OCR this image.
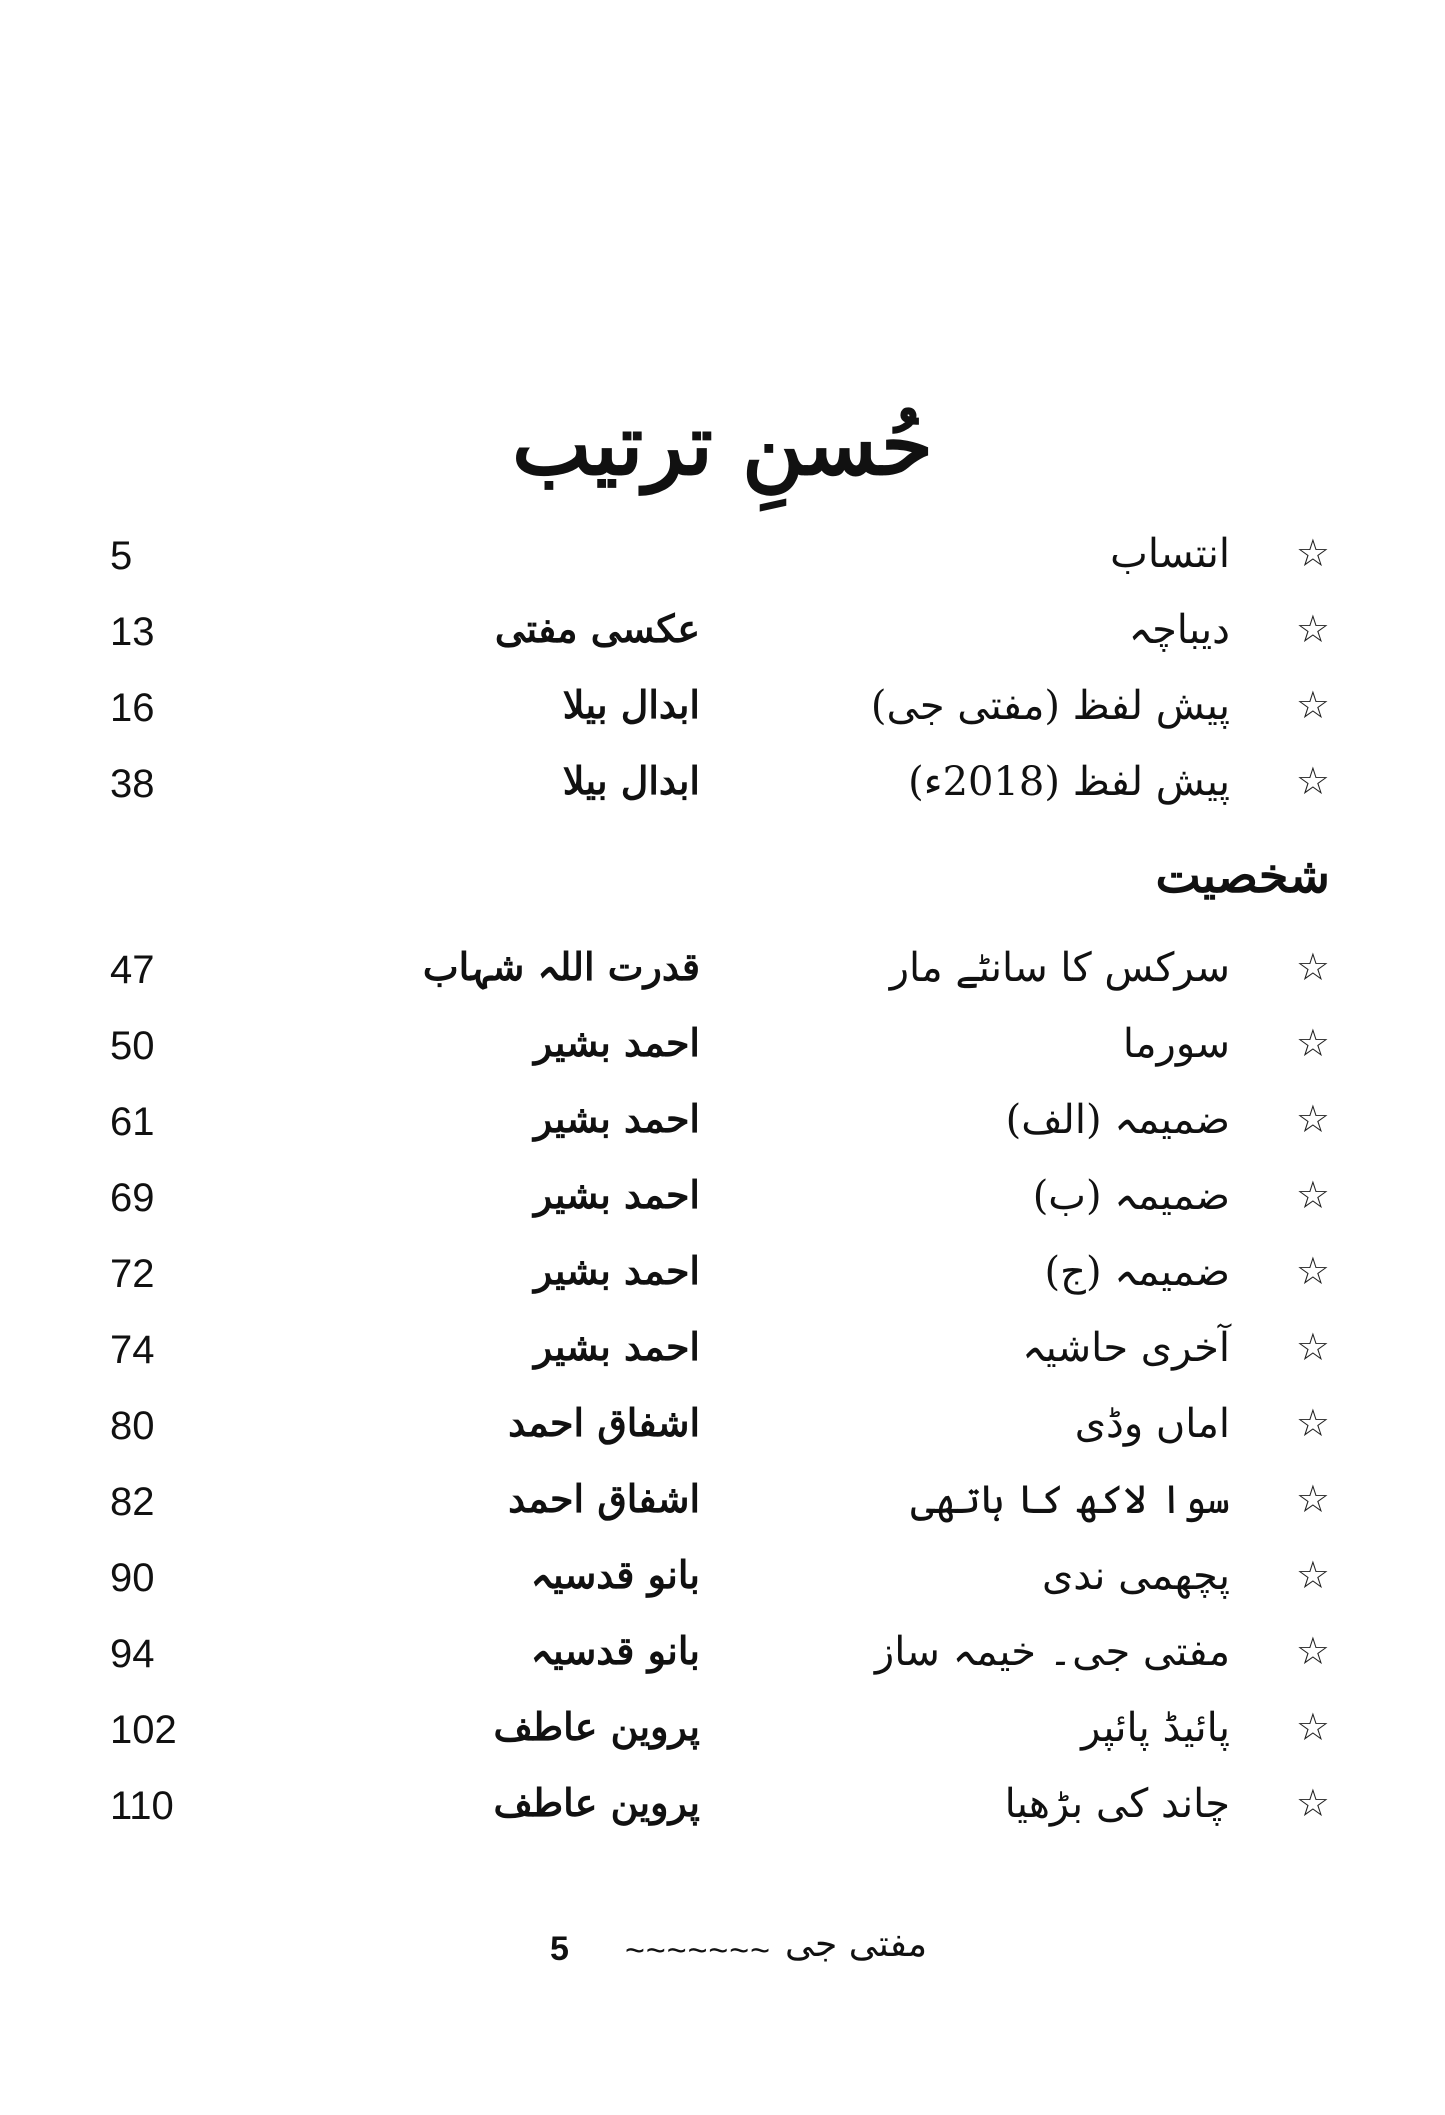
حُسنِ ترتیب
☆
انتساب
5
☆
دیباچہ
عکسی مفتی
13
☆
پیش لفظ (مفتی جی)
ابدال بیلا
16
☆
پیش لفظ (2018ء)
ابدال بیلا
38
شخصیت
☆
سرکس کا سانٹے مار
قدرت اللہ شہاب
47
☆
سورما
احمد بشیر
50
☆
ضمیمہ (الف)
احمد بشیر
61
☆
ضمیمہ (ب)
احمد بشیر
69
☆
ضمیمہ (ج)
احمد بشیر
72
☆
آخری حاشیہ
احمد بشیر
74
☆
اماں وڈی
اشفاق احمد
80
☆
سوا لاکھ کا ہاتھی
اشفاق احمد
82
☆
پچھمی ندی
بانو قدسیہ
90
☆
مفتی جی۔ خیمہ ساز
بانو قدسیہ
94
☆
پائیڈ پائپر
پروین عاطف
102
☆
چاند کی بڑھیا
پروین عاطف
110
5 ~~~~~~~ مفتی جی
